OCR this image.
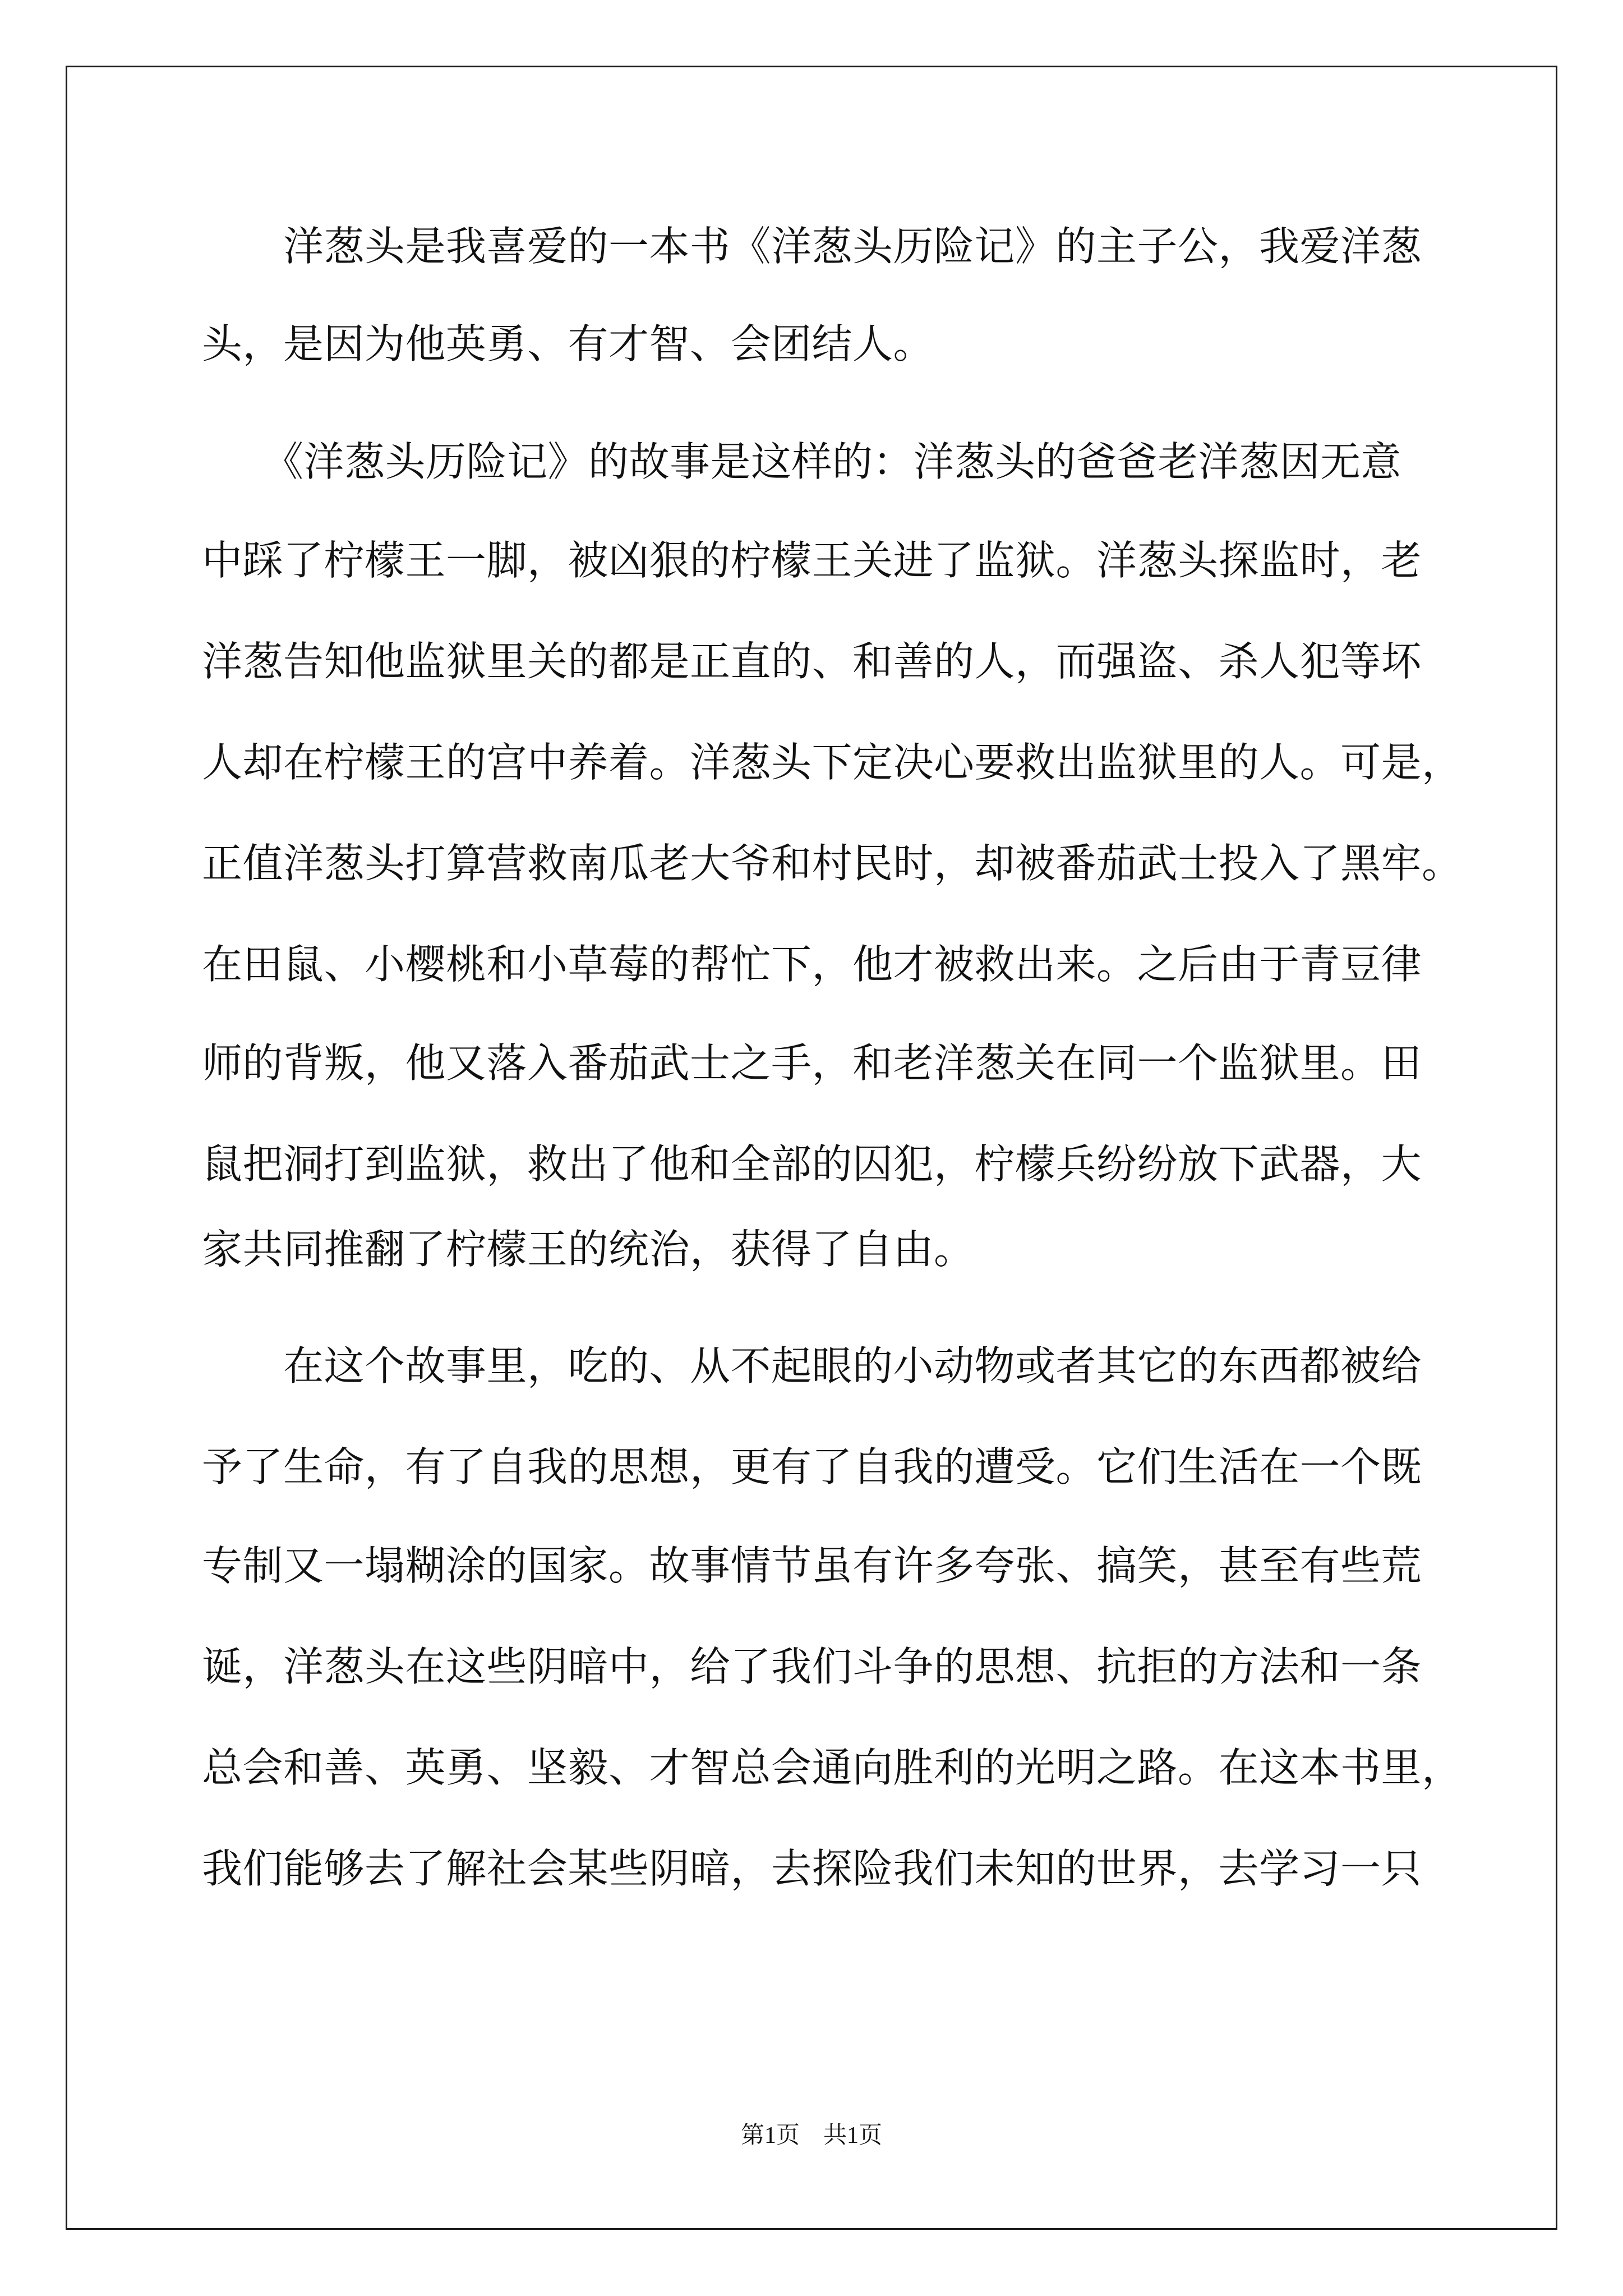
　　洋葱头是我喜爱的一本书《洋葱头历险记》的主子公，我爱洋葱
头，是因为他英勇、有才智、会团结人。
　　《洋葱头历险记》的故事是这样的：洋葱头的爸爸老洋葱因无意
中踩了柠檬王一脚，被凶狠的柠檬王关进了监狱。洋葱头探监时，老
洋葱告知他监狱里关的都是正直的、和善的人，而强盗、杀人犯等坏
人却在柠檬王的宫中养着。洋葱头下定决心要救出监狱里的人。可是，
正值洋葱头打算营救南瓜老大爷和村民时，却被番茄武士投入了黑牢。
在田鼠、小樱桃和小草莓的帮忙下，他才被救出来。之后由于青豆律
师的背叛，他又落入番茄武士之手，和老洋葱关在同一个监狱里。田
鼠把洞打到监狱，救出了他和全部的囚犯，柠檬兵纷纷放下武器，大
家共同推翻了柠檬王的统治，获得了自由。
　　在这个故事里，吃的、从不起眼的小动物或者其它的东西都被给
予了生命，有了自我的思想，更有了自我的遭受。它们生活在一个既
专制又一塌糊涂的国家。故事情节虽有许多夸张、搞笑，甚至有些荒
诞，洋葱头在这些阴暗中，给了我们斗争的思想、抗拒的方法和一条
总会和善、英勇、坚毅、才智总会通向胜利的光明之路。在这本书里，
我们能够去了解社会某些阴暗，去探险我们未知的世界，去学习一只
第1页 共1页
